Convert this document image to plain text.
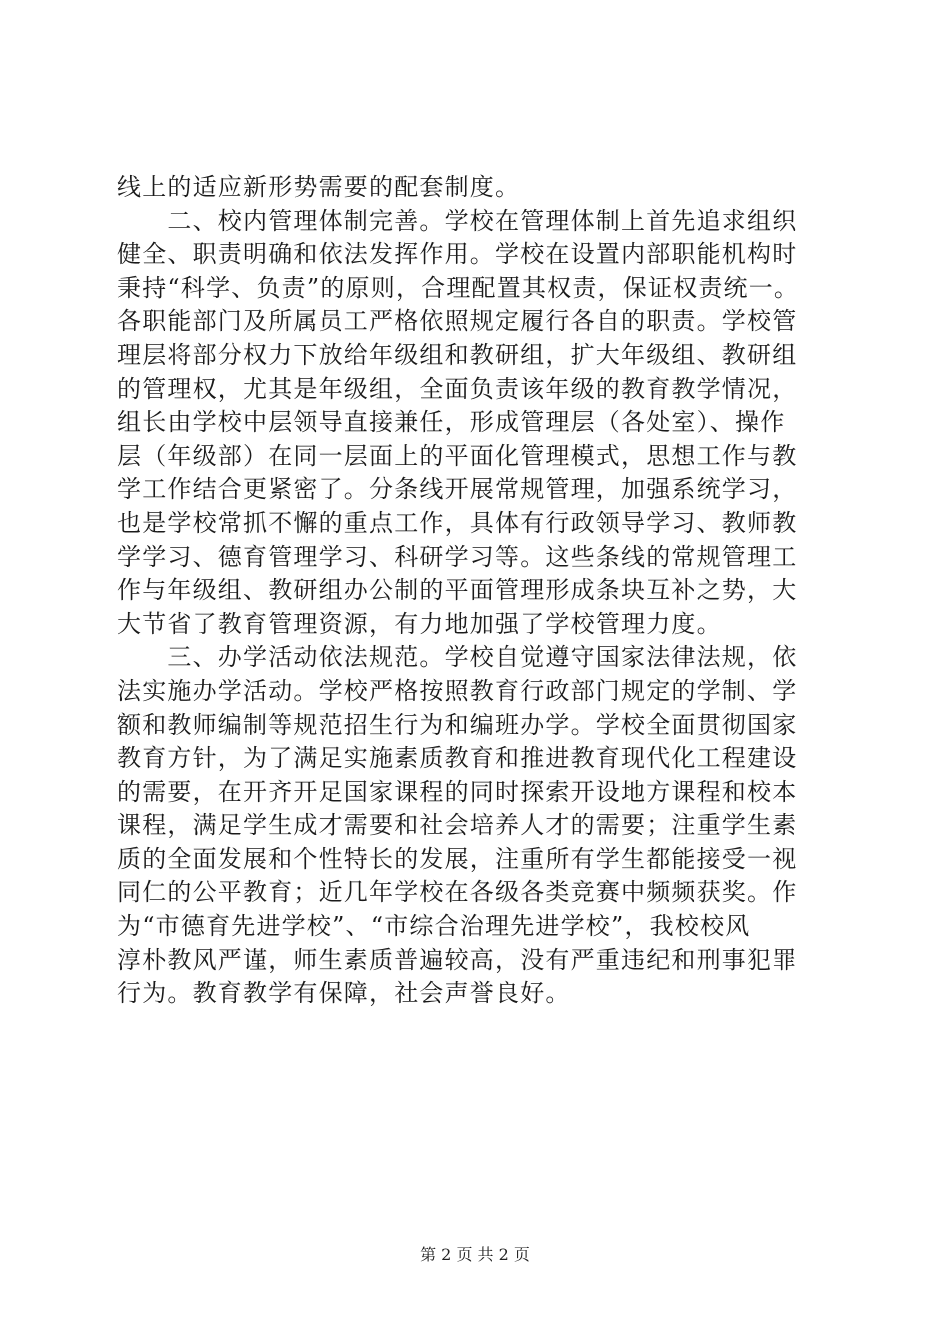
线上的适应新形势需要的配套制度。
　　二、校内管理体制完善。学校在管理体制上首先追求组织
健全、职责明确和依法发挥作用。学校在设置内部职能机构时
秉持“科学、负责”的原则，合理配置其权责，保证权责统一。
各职能部门及所属员工严格依照规定履行各自的职责。学校管
理层将部分权力下放给年级组和教研组，扩大年级组、教研组
的管理权，尤其是年级组，全面负责该年级的教育教学情况，
组长由学校中层领导直接兼任，形成管理层（各处室）、操作
层（年级部）在同一层面上的平面化管理模式，思想工作与教
学工作结合更紧密了。分条线开展常规管理，加强系统学习，
也是学校常抓不懈的重点工作，具体有行政领导学习、教师教
学学习、德育管理学习、科研学习等。这些条线的常规管理工
作与年级组、教研组办公制的平面管理形成条块互补之势，大
大节省了教育管理资源，有力地加强了学校管理力度。
　　三、办学活动依法规范。学校自觉遵守国家法律法规，依
法实施办学活动。学校严格按照教育行政部门规定的学制、学
额和教师编制等规范招生行为和编班办学。学校全面贯彻国家
教育方针，为了满足实施素质教育和推进教育现代化工程建设
的需要，在开齐开足国家课程的同时探索开设地方课程和校本
课程，满足学生成才需要和社会培养人才的需要；注重学生素
质的全面发展和个性特长的发展，注重所有学生都能接受一视
同仁的公平教育；近几年学校在各级各类竞赛中频频获奖。作
为“市德育先进学校”、“市综合治理先进学校”，我校校风
淳朴教风严谨，师生素质普遍较高，没有严重违纪和刑事犯罪
行为。教育教学有保障，社会声誉良好。
第 2 页 共 2 页
